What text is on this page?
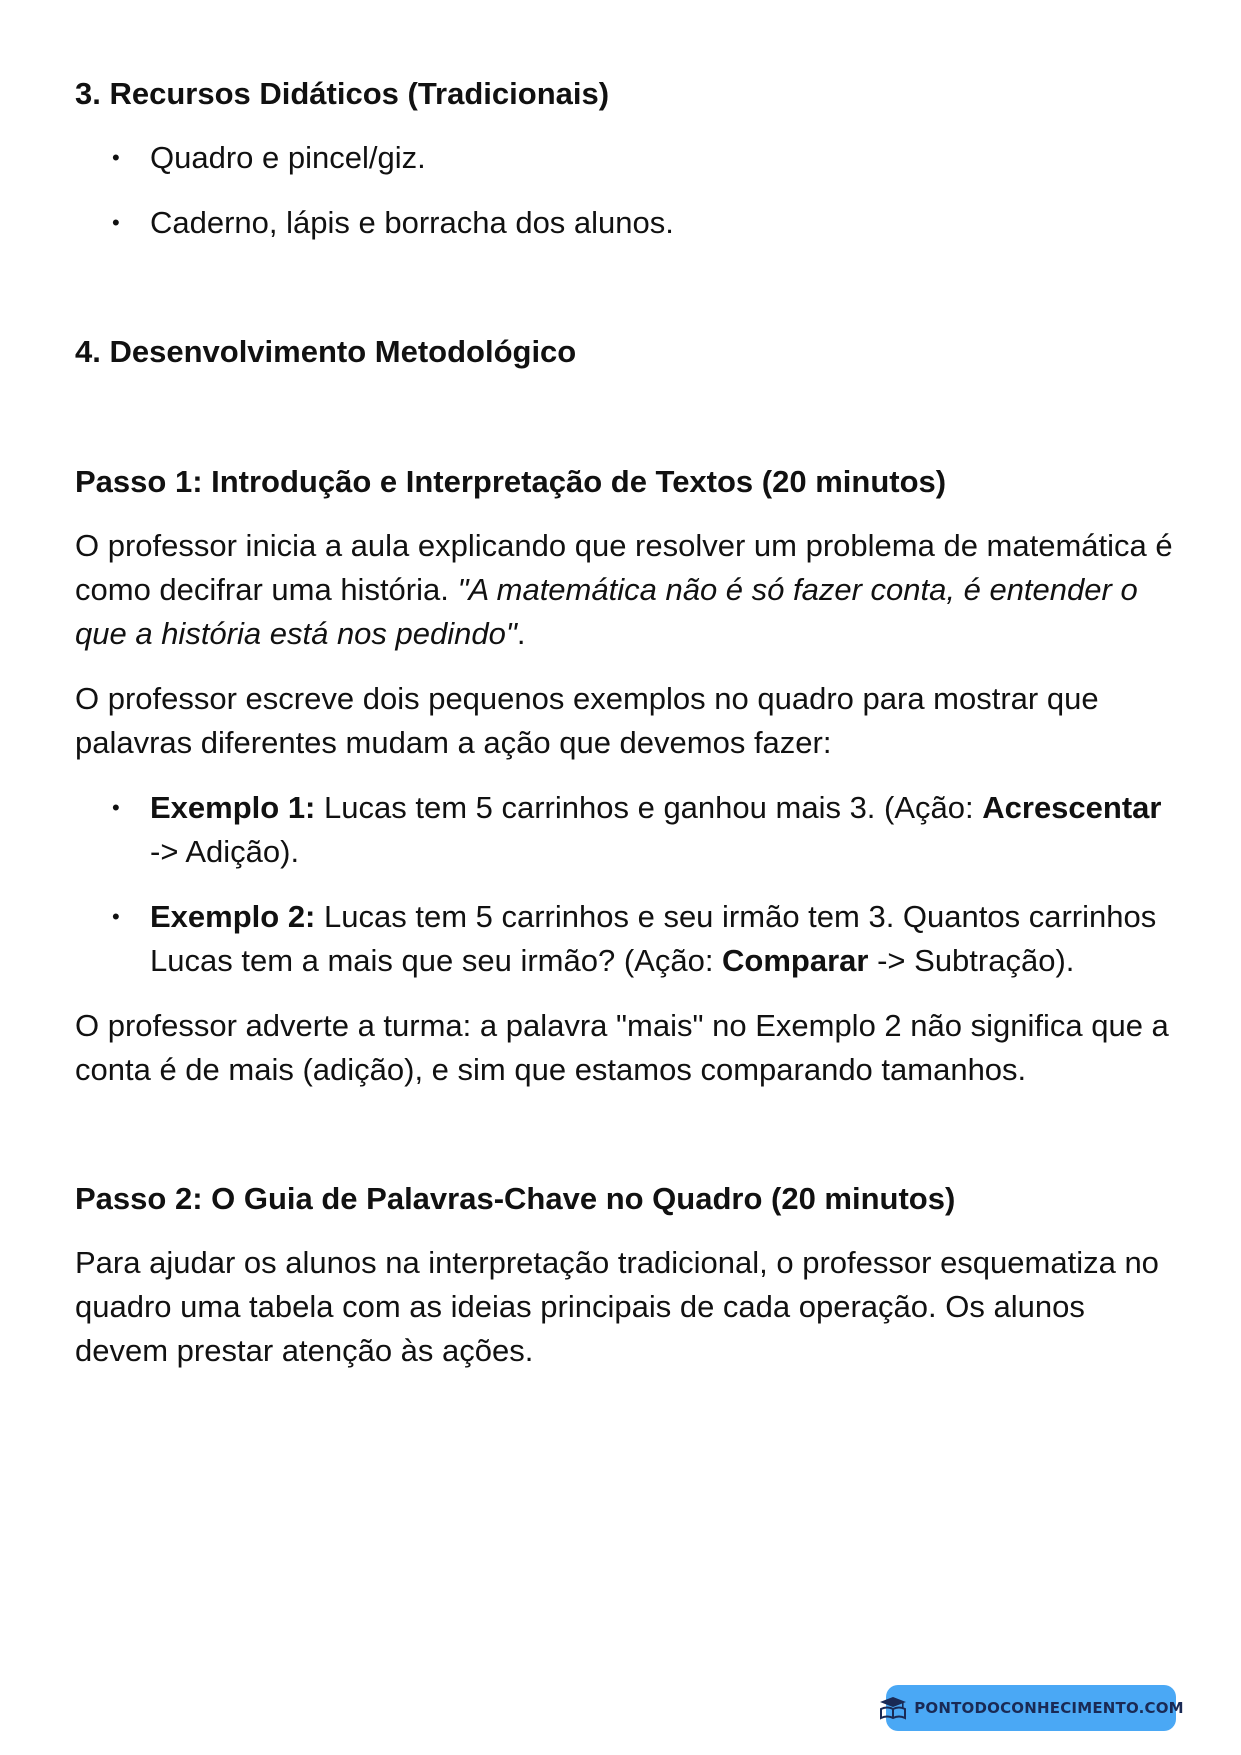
3. Recursos Didáticos (Tradicionais)
• Quadro e pincel/giz.
• Caderno, lápis e borracha dos alunos.
4. Desenvolvimento Metodológico
Passo 1: Introdução e Interpretação de Textos (20 minutos)

O professor inicia a aula explicando que resolver um problema de matemática é como decifrar uma história. "A matemática não é só fazer conta, é entender o que a história está nos pedindo".

O professor escreve dois pequenos exemplos no quadro para mostrar que palavras diferentes mudam a ação que devemos fazer:

• Exemplo 1: Lucas tem 5 carrinhos e ganhou mais 3. (Ação: Acrescentar -> Adição).
• Exemplo 2: Lucas tem 5 carrinhos e seu irmão tem 3. Quantos carrinhos Lucas tem a mais que seu irmão? (Ação: Comparar -> Subtração).

O professor adverte a turma: a palavra "mais" no Exemplo 2 não significa que a conta é de mais (adição), e sim que estamos comparando tamanhos.

Passo 2: O Guia de Palavras-Chave no Quadro (20 minutos)

Para ajudar os alunos na interpretação tradicional, o professor esquematiza no quadro uma tabela com as ideias principais de cada operação. Os alunos devem prestar atenção às ações.

PONTODOCONHECIMENTO.COM
